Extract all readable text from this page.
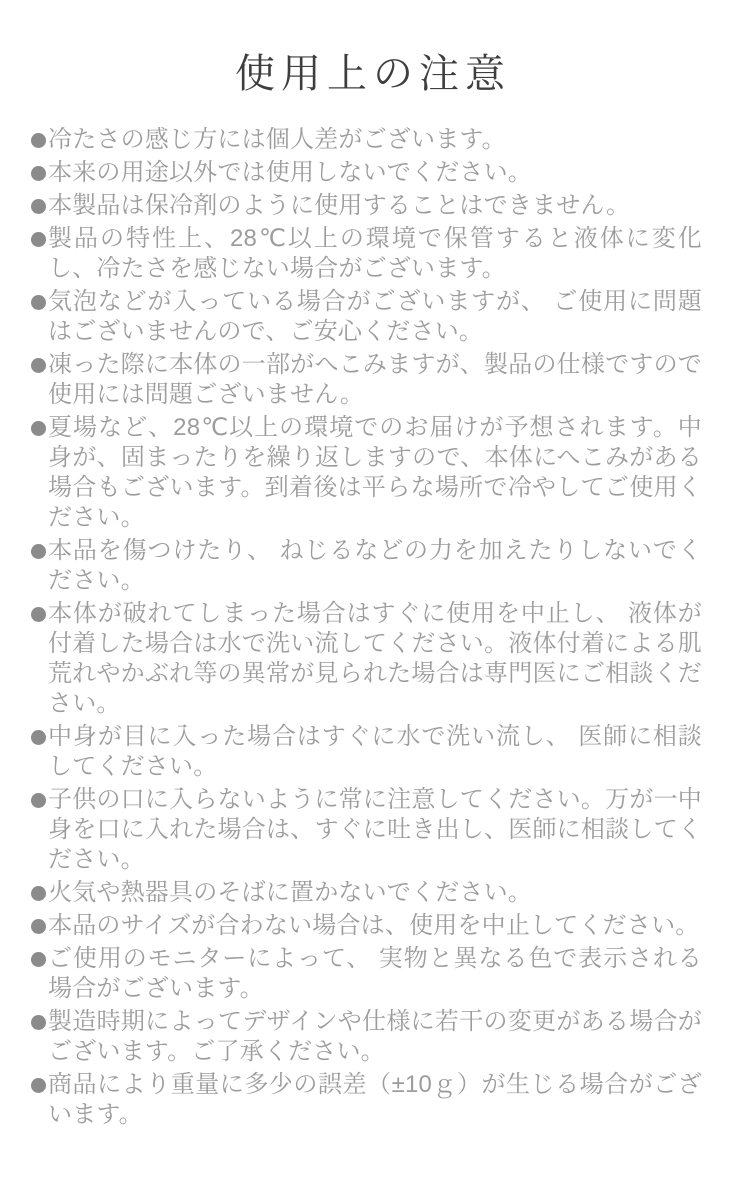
使用上の注意
冷たさの感じ方には個人差がございます。
本来の用途以外では使用しないでください。
本製品は保冷剤のように使用することはできません。
製品の特性上、28℃以上の環境で保管すると液体に変化し、冷たさを感じない場合がございます。
気泡などが入っている場合がございますが、 ご使用に問題はございませんので、ご安心ください。
凍った際に本体の一部がへこみますが、製品の仕様ですので使用には問題ございません。
夏場など、28℃以上の環境でのお届けが予想されます。中身が、固まったりを繰り返しますので、本体にへこみがある場合もございます。到着後は平らな場所で冷やしてご使用ください。
本品を傷つけたり、 ねじるなどの力を加えたりしないでください。
本体が破れてしまった場合はすぐに使用を中止し、 液体が付着した場合は水で洗い流してください。液体付着による肌荒れやかぶれ等の異常が見られた場合は専門医にご相談ください。
中身が目に入った場合はすぐに水で洗い流し、 医師に相談してください。
子供の口に入らないように常に注意してください。万が一中身を口に入れた場合は、すぐに吐き出し、医師に相談してください。
火気や熱器具のそばに置かないでください。
本品のサイズが合わない場合は、使用を中止してください。
ご使用のモニターによって、 実物と異なる色で表示される場合がございます。
製造時期によってデザインや仕様に若干の変更がある場合がございます。ご了承ください。
商品により重量に多少の誤差（±10ｇ）が生じる場合がございます。
